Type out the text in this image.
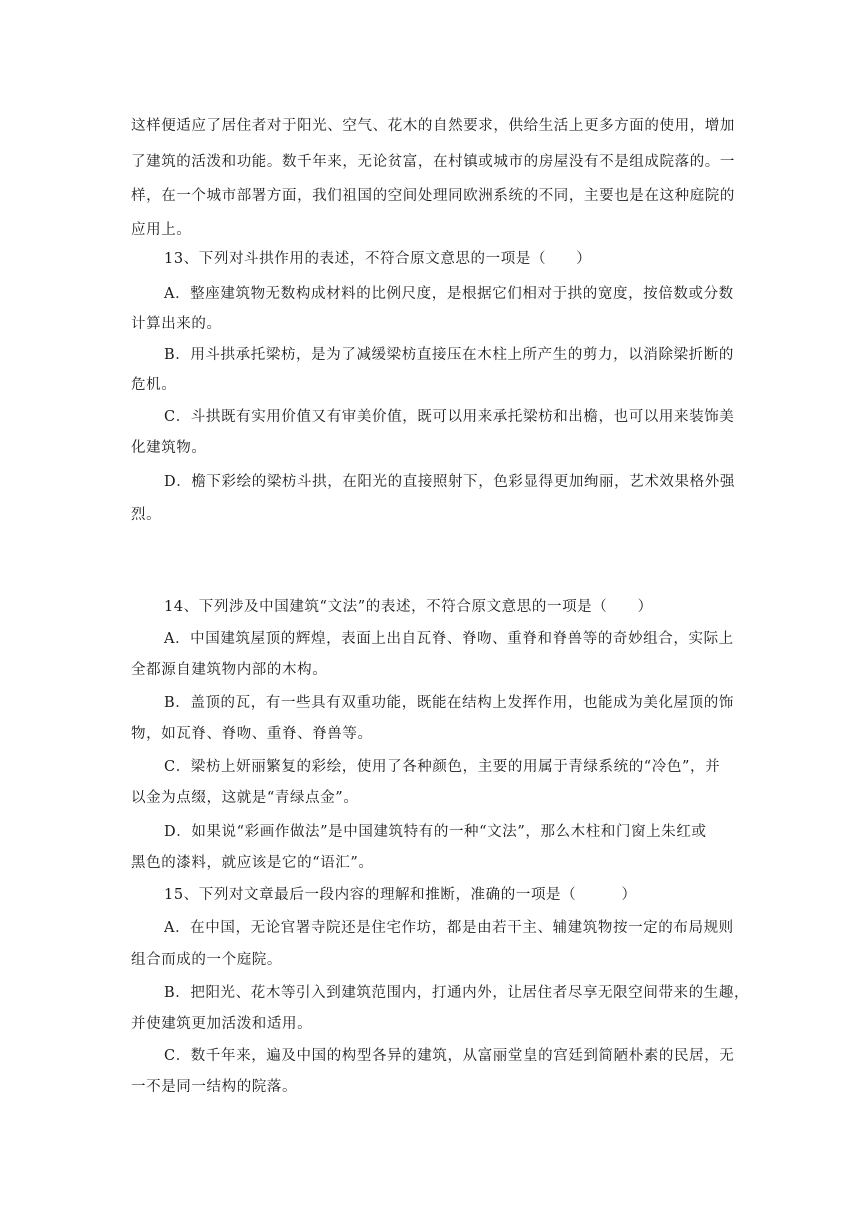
这样便适应了居住者对于阳光、空气、花木的自然要求，供给生活上更多方面的使用，增加
了建筑的活泼和功能。数千年来，无论贫富，在村镇或城市的房屋没有不是组成院落的。一
样，在一个城市部署方面，我们祖国的空间处理同欧洲系统的不同，主要也是在这种庭院的
应用上。
13、下列对斗拱作用的表述，不符合原文意思的一项是（　　）
A．整座建筑物无数构成材料的比例尺度，是根据它们相对于拱的宽度，按倍数或分数
计算出来的。
B．用斗拱承托梁枋，是为了减缓梁枋直接压在木柱上所产生的剪力，以消除梁折断的
危机。
C．斗拱既有实用价值又有审美价值，既可以用来承托梁枋和出檐，也可以用来装饰美
化建筑物。
D．檐下彩绘的梁枋斗拱，在阳光的直接照射下，色彩显得更加绚丽，艺术效果格外强
烈。
14、下列涉及中国建筑“文法”的表述，不符合原文意思的一项是（　　）
A．中国建筑屋顶的辉煌，表面上出自瓦脊、脊吻、重脊和脊兽等的奇妙组合，实际上
全都源自建筑物内部的木构。
B．盖顶的瓦，有一些具有双重功能，既能在结构上发挥作用，也能成为美化屋顶的饰
物，如瓦脊、脊吻、重脊、脊兽等。
C．梁枋上妍丽繁复的彩绘，使用了各种颜色，主要的用属于青绿系统的“冷色”，并
以金为点缀，这就是“青绿点金”。
D．如果说“彩画作做法”是中国建筑特有的一种“文法”，那么木柱和门窗上朱红或
黑色的漆料，就应该是它的“语汇”。
15、下列对文章最后一段内容的理解和推断，准确的一项是（　　　）
A．在中国，无论官署寺院还是住宅作坊，都是由若干主、辅建筑物按一定的布局规则
组合而成的一个庭院。
B．把阳光、花木等引入到建筑范围内，打通内外，让居住者尽享无限空间带来的生趣，
并使建筑更加活泼和适用。
C．数千年来，遍及中国的构型各异的建筑，从富丽堂皇的宫廷到简陋朴素的民居，无
一不是同一结构的院落。
